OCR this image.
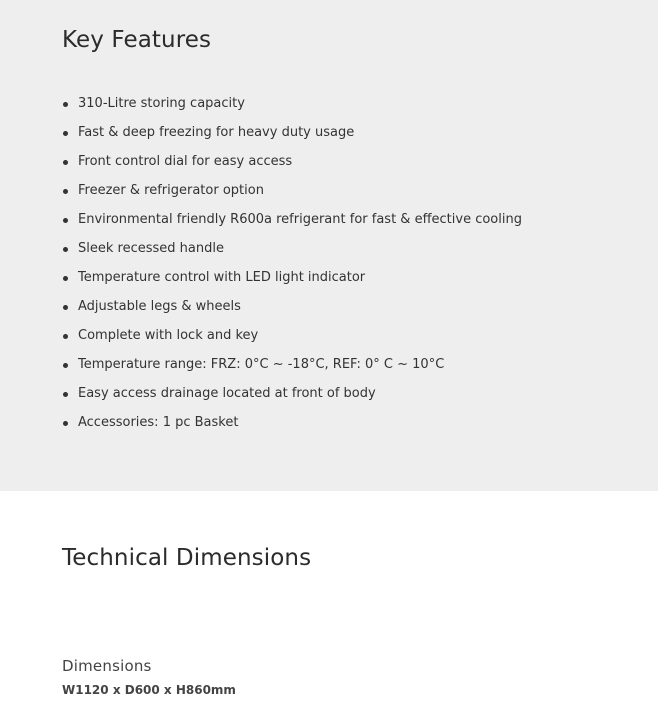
Key Features
310-Litre storing capacity
Fast & deep freezing for heavy duty usage
Front control dial for easy access
Freezer & refrigerator option
Environmental friendly R600a refrigerant for fast & effective cooling
Sleek recessed handle
Temperature control with LED light indicator
Adjustable legs & wheels
Complete with lock and key
Temperature range: FRZ: 0°C ~ -18°C, REF: 0° C ~ 10°C
Easy access drainage located at front of body
Accessories: 1 pc Basket
Technical Dimensions
Dimensions
W1120 x D600 x H860mm
